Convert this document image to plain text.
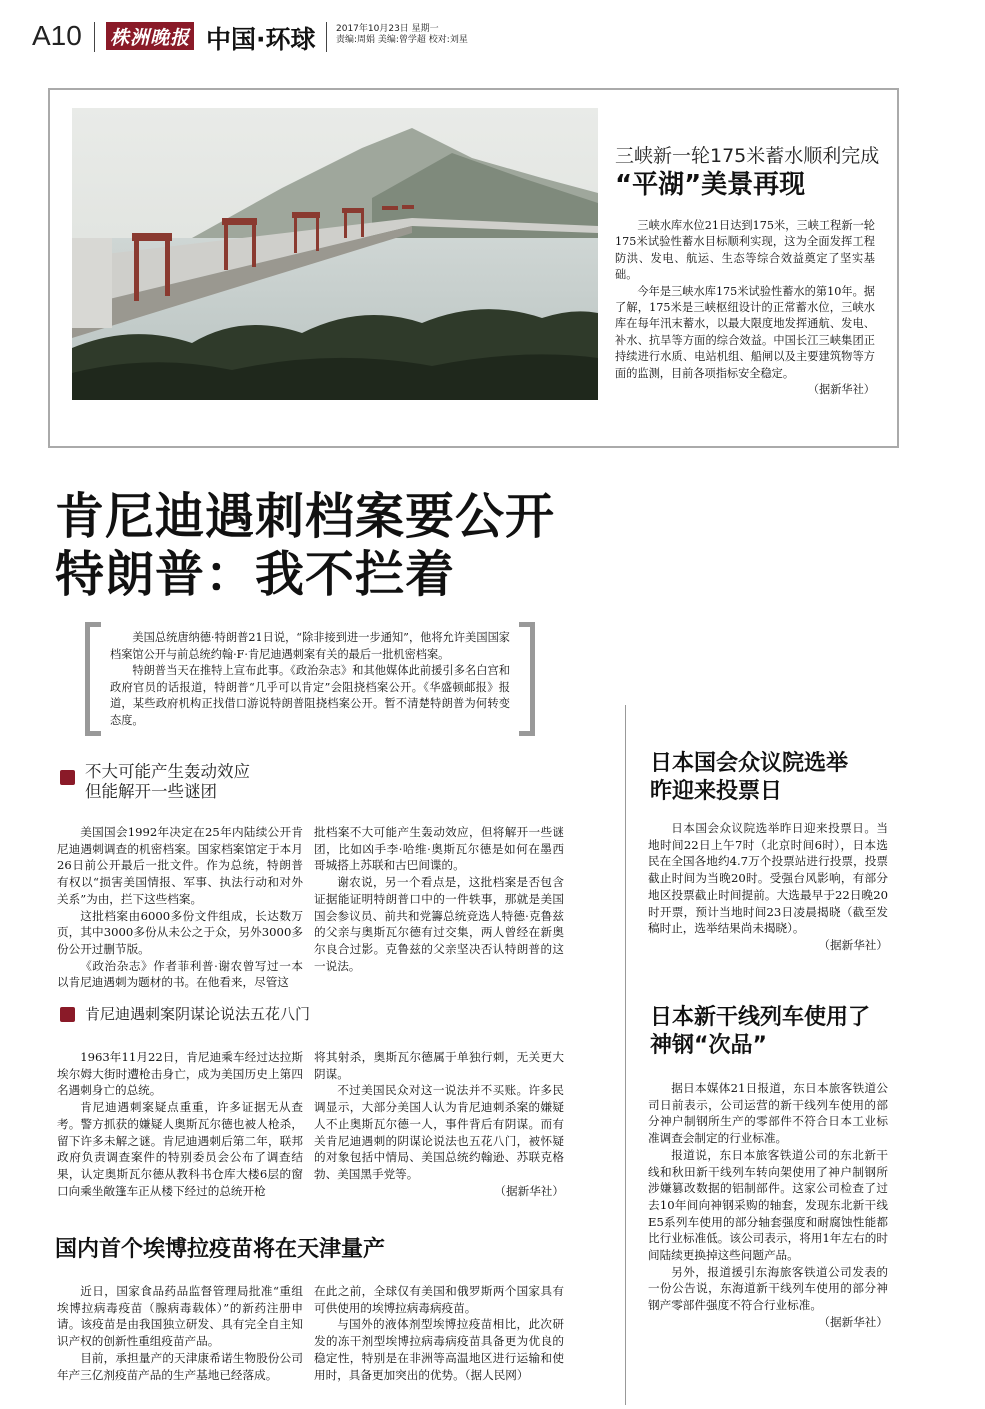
A10 株洲晚报 中国·环球 2017年10月23日 星期一
责编:周娟 美编:曾学超 校对:刘星
三峡新一轮175米蓄水顺利完成
“平湖”美景再现

三峡水库水位21日达到175米，三峡工程新一轮175米试验性蓄水目标顺利实现，这为全面发挥工程防洪、发电、航运、生态等综合效益奠定了坚实基础。

今年是三峡水库175米试验性蓄水的第10年。据了解，175米是三峡枢纽设计的正常蓄水位，三峡水库在每年汛末蓄水，以最大限度地发挥通航、发电、补水、抗旱等方面的综合效益。中国长江三峡集团正持续进行水质、电站机组、船闸以及主要建筑物等方面的监测，目前各项指标安全稳定。

（据新华社）

肯尼迪遇刺档案要公开
特朗普：我不拦着

美国总统唐纳德·特朗普21日说，“除非接到进一步通知”，他将允许美国国家档案馆公开与前总统约翰·F·肯尼迪遇刺案有关的最后一批机密档案。

特朗普当天在推特上宣布此事。《政治杂志》和其他媒体此前援引多名白宫和政府官员的话报道，特朗普“几乎可以肯定”会阻挠档案公开。《华盛顿邮报》报道，某些政府机构正找借口游说特朗普阻挠档案公开。暂不清楚特朗普为何转变态度。

不大可能产生轰动效应
但能解开一些谜团

美国国会1992年决定在25年内陆续公开肯尼迪遇刺调查的机密档案。国家档案馆定于本月26日前公开最后一批文件。作为总统，特朗普有权以“损害美国情报、军事、执法行动和对外关系”为由，拦下这些档案。

这批档案由6000多份文件组成，长达数万页，其中3000多份从未公之于众，另外3000多份公开过删节版。

《政治杂志》作者菲利普·谢农曾写过一本以肯尼迪遇刺为题材的书。在他看来，尽管这

批档案不大可能产生轰动效应，但将解开一些谜团，比如凶手李·哈维·奥斯瓦尔德是如何在墨西哥城搭上苏联和古巴间谍的。

谢农说，另一个看点是，这批档案是否包含证据能证明特朗普口中的一件轶事，那就是美国国会参议员、前共和党籌总统竞选人特德·克鲁兹的父亲与奥斯瓦尔德有过交集，两人曾经在新奥尔良合过影。克鲁兹的父亲坚决否认特朗普的这一说法。

肯尼迪遇刺案阴谋论说法五花八门

1963年11月22日，肯尼迪乘车经过达拉斯埃尔姆大街时遭枪击身亡，成为美国历史上第四名遇刺身亡的总统。

肯尼迪遇刺案疑点重重，许多证据无从查考。警方抓获的嫌疑人奥斯瓦尔德也被人枪杀，留下许多未解之谜。肯尼迪遇刺后第二年，联邦政府负责调查案件的特别委员会公布了调查结果，认定奥斯瓦尔德从教科书仓库大楼6层的窗口向乘坐敞篷车正从楼下经过的总统开枪

将其射杀，奥斯瓦尔德属于单独行刺，无关更大阴谋。

不过美国民众对这一说法并不买账。许多民调显示，大部分美国人认为肯尼迪刺杀案的嫌疑人不止奥斯瓦尔德一人，事件背后有阴谋。而有关肯尼迪遇刺的阴谋论说法也五花八门，被怀疑的对象包括中情局、美国总统约翰逊、苏联克格勃、美国黑手党等。

（据新华社）

国内首个埃博拉疫苗将在天津量产

近日，国家食品药品监督管理局批准“重组埃博拉病毒疫苗（腺病毒载体）”的新药注册申请。该疫苗是由我国独立研发、具有完全自主知识产权的创新性重组疫苗产品。

目前，承担量产的天津康希诺生物股份公司年产三亿剂疫苗产品的生产基地已经落成。

在此之前，全球仅有美国和俄罗斯两个国家具有可供使用的埃博拉病毒病疫苗。

与国外的液体剂型埃博拉疫苗相比，此次研发的冻干剂型埃博拉病毒病疫苗具备更为优良的稳定性，特别是在非洲等高温地区进行运输和使用时，具备更加突出的优势。（据人民网）

日本国会众议院选举
昨迎来投票日

日本国会众议院选举昨日迎来投票日。当地时间22日上午7时（北京时间6时），日本选民在全国各地约4.7万个投票站进行投票，投票截止时间为当晚20时。受强台风影响，有部分地区投票截止时间提前。大选最早于22日晚20时开票，预计当地时间23日凌晨揭晓（截至发稿时止，选举结果尚未揭晓）。

（据新华社）

日本新干线列车使用了
神钢“次品”

据日本媒体21日报道，东日本旅客铁道公司日前表示，公司运营的新干线列车使用的部分神户制钢所生产的零部件不符合日本工业标准调查会制定的行业标准。

报道说，东日本旅客铁道公司的东北新干线和秋田新干线列车转向架使用了神户制钢所涉嫌篡改数据的铝制部件。这家公司检查了过去10年间向神钢采购的轴套，发现东北新干线E5系列车使用的部分轴套强度和耐腐蚀性能都比行业标准低。该公司表示，将用1年左右的时间陆续更换掉这些问题产品。

另外，报道援引东海旅客铁道公司发表的一份公告说，东海道新干线列车使用的部分神钢产零部件强度不符合行业标准。

（据新华社）
